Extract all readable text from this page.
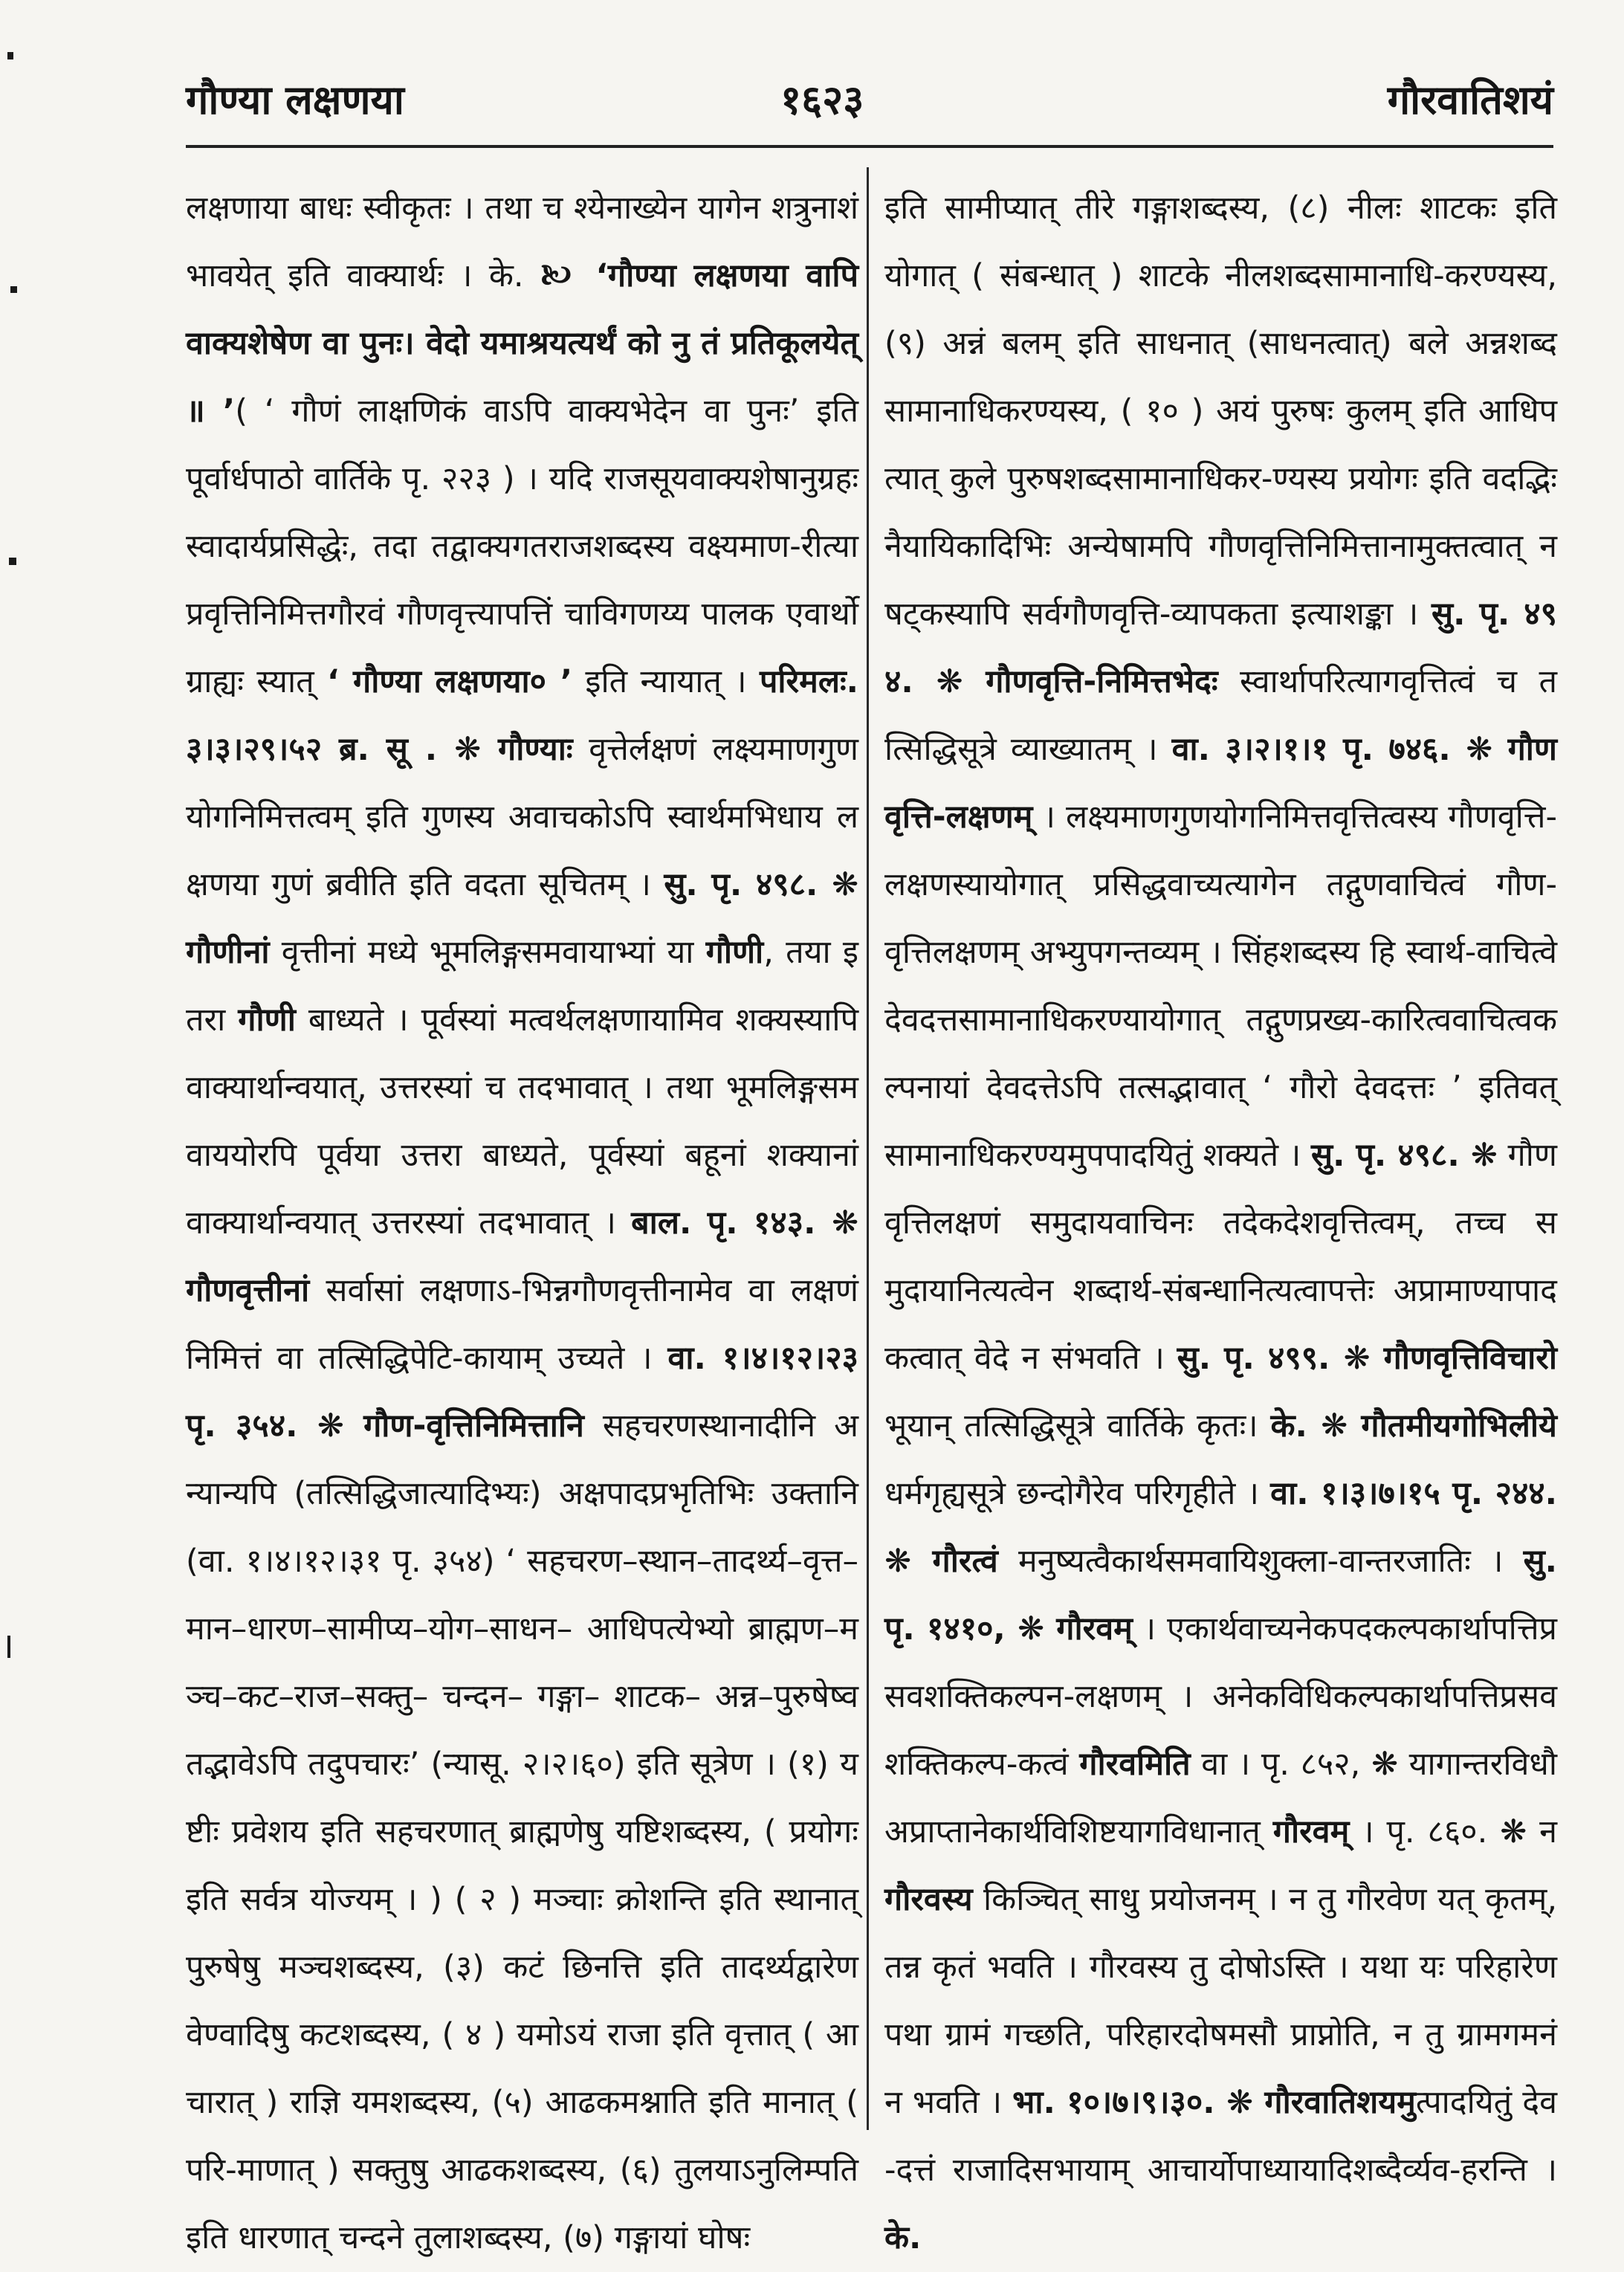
गौण्या लक्षणया	१६२३	गौरवातिशयं
लक्षणाया बाधः स्वीकृतः । तथा च श्येनाख्येन यागेन शत्रुनाशं भावयेत् इति वाक्यार्थः । के. 🙠 ‘गौण्या लक्षणया वापि वाक्यशेषेण वा पुनः। वेदो यमाश्रयत्यर्थं को नु तं प्रतिकूलयेत् ॥ ’( ‘ गौणं लाक्षणिकं वाऽपि वाक्यभेदेन वा पुनः’ इति पूर्वार्धपाठो वार्तिके पृ. २२३ ) । यदि राजसूयवाक्यशेषानुग्रहः स्वादार्यप्रसिद्धेः, तदा तद्वाक्यगतराजशब्दस्य वक्ष्यमाण-रीत्या प्रवृत्तिनिमित्तगौरवं गौणवृत्त्यापत्तिं चाविगणय्य पालक एवार्थो ग्राह्यः स्यात् ‘ गौण्या लक्षणया० ’ इति न्यायात् । परिमलः. ३।३।२९।५२ ब्र. सू . ❋ गौण्याः वृत्तेर्लक्षणं लक्ष्यमाणगुणयोगनिमित्तत्वम् इति गुणस्य अवाचकोऽपि स्वार्थमभिधाय लक्षणया गुणं ब्रवीति इति वदता सूचितम् । सु. पृ. ४९८. ❋ गौणीनां वृत्तीनां मध्ये भूमलिङ्गसमवायाभ्यां या गौणी, तया इतरा गौणी बाध्यते । पूर्वस्यां मत्वर्थलक्षणायामिव शक्यस्यापि वाक्यार्थान्वयात्, उत्तरस्यां च तदभावात् । तथा भूमलिङ्गसमवाययोरपि पूर्वया उत्तरा बाध्यते, पूर्वस्यां बहूनां शक्यानां वाक्यार्थान्वयात् उत्तरस्यां तदभावात् । बाल. पृ. १४३. ❋ गौणवृत्तीनां सर्वासां लक्षणाऽ-भिन्नगौणवृत्तीनामेव वा लक्षणं निमित्तं वा तत्सिद्धिपेटि-कायाम् उच्यते । वा. १।४।१२।२३ पृ. ३५४. ❋ गौण-वृत्तिनिमित्तानि सहचरणस्थानादीनि अन्यान्यपि (तत्सिद्धिजात्यादिभ्यः) अक्षपादप्रभृतिभिः उक्तानि (वा. १।४।१२।३१ पृ. ३५४) ‘ सहचरण–स्थान–तादर्थ्य–वृत्त–मान–धारण–सामीप्य–योग–साधन– आधिपत्येभ्यो ब्राह्मण–मञ्च–कट–राज–सक्तु– चन्दन– गङ्गा– शाटक– अन्न–पुरुषेष्वतद्भावेऽपि तदुपचारः’ (न्यासू. २।२।६०) इति सूत्रेण । (१) यष्टीः प्रवेशय इति सहचरणात् ब्राह्मणेषु यष्टिशब्दस्य, ( प्रयोगः इति सर्वत्र योज्यम् । ) ( २ ) मञ्चाः क्रोशन्ति इति स्थानात् पुरुषेषु मञ्चशब्दस्य, (३) कटं छिनत्ति इति तादर्थ्यद्वारेण वेण्वादिषु कटशब्दस्य, ( ४ ) यमोऽयं राजा इति वृत्तात् ( आचारात् ) राज्ञि यमशब्दस्य, (५) आढकमश्नाति इति मानात् ( परि-माणात् ) सक्तुषु आढकशब्दस्य, (६) तुलयाऽनुलिम्पति इति धारणात् चन्दने तुलाशब्दस्य, (७) गङ्गायां घोषः
इति सामीप्यात् तीरे गङ्गाशब्दस्य, (८) नीलः शाटकः इति योगात् ( संबन्धात् ) शाटके नीलशब्दसामानाधि-करण्यस्य, (९) अन्नं बलम् इति साधनात् (साधनत्वात्) बले अन्नशब्दसामानाधिकरण्यस्य, ( १० ) अयं पुरुषः कुलम् इति आधिपत्यात् कुले पुरुषशब्दसामानाधिकर-ण्यस्य प्रयोगः इति वदद्भिः नैयायिकादिभिः अन्येषामपि गौणवृत्तिनिमित्तानामुक्तत्वात् न षट्कस्यापि सर्वगौणवृत्ति-व्यापकता इत्याशङ्का । सु. पृ. ४९४. ❋ गौणवृत्ति-निमित्तभेदः स्वार्थापरित्यागवृत्तित्वं च तत्सिद्धिसूत्रे व्याख्यातम् । वा. ३।२।१।१ पृ. ७४६. ❋ गौणवृत्ति-लक्षणम् । लक्ष्यमाणगुणयोगनिमित्तवृत्तित्वस्य गौणवृत्ति-लक्षणस्यायोगात् प्रसिद्धवाच्यत्यागेन तद्गुणवाचित्वं गौण-वृत्तिलक्षणम् अभ्युपगन्तव्यम् । सिंहशब्दस्य हि स्वार्थ-वाचित्वे देवदत्तसामानाधिकरण्यायोगात् तद्गुणप्रख्य-कारित्ववाचित्वकल्पनायां देवदत्तेऽपि तत्सद्भावात् ‘ गौरो देवदत्तः ’ इतिवत् सामानाधिकरण्यमुपपादयितुं शक्यते । सु. पृ. ४९८. ❋ गौणवृत्तिलक्षणं समुदायवाचिनः तदेकदेशवृत्तित्वम्, तच्च समुदायानित्यत्वेन शब्दार्थ-संबन्धानित्यत्वापत्तेः अप्रामाण्यापादकत्वात् वेदे न संभवति । सु. पृ. ४९९. ❋ गौणवृत्तिविचारो भूयान् तत्सिद्धिसूत्रे वार्तिके कृतः। के. ❋ गौतमीयगोभिलीये धर्मगृह्यसूत्रे छन्दोगैरेव परिगृहीते । वा. १।३।७।१५ पृ. २४४. ❋ गौरत्वं मनुष्यत्वैकार्थसमवायिशुक्ला-वान्तरजातिः । सु. पृ. १४१०, ❋ गौरवम् । एकार्थवाच्यनेकपदकल्पकार्थापत्तिप्रसवशक्तिकल्पन-लक्षणम् । अनेकविधिकल्पकार्थापत्तिप्रसवशक्तिकल्प-कत्वं गौरवमिति वा । पृ. ८५२, ❋ यागान्तरविधौ अप्राप्तानेकार्थविशिष्टयागविधानात् गौरवम् । पृ. ८६०. ❋ न गौरवस्य किञ्चित् साधु प्रयोजनम् । न तु गौरवेण यत् कृतम्, तन्न कृतं भवति । गौरवस्य तु दोषोऽस्ति । यथा यः परिहारेण पथा ग्रामं गच्छति, परिहारदोषमसौ प्राप्नोति, न तु ग्रामगमनं न भवति । भा. १०।७।९।३०. ❋ गौरवातिशयमुत्पादयितुं देव-दत्तं राजादिसभायाम् आचार्योपाध्यायादिशब्दैर्व्यव-हरन्ति । के.
